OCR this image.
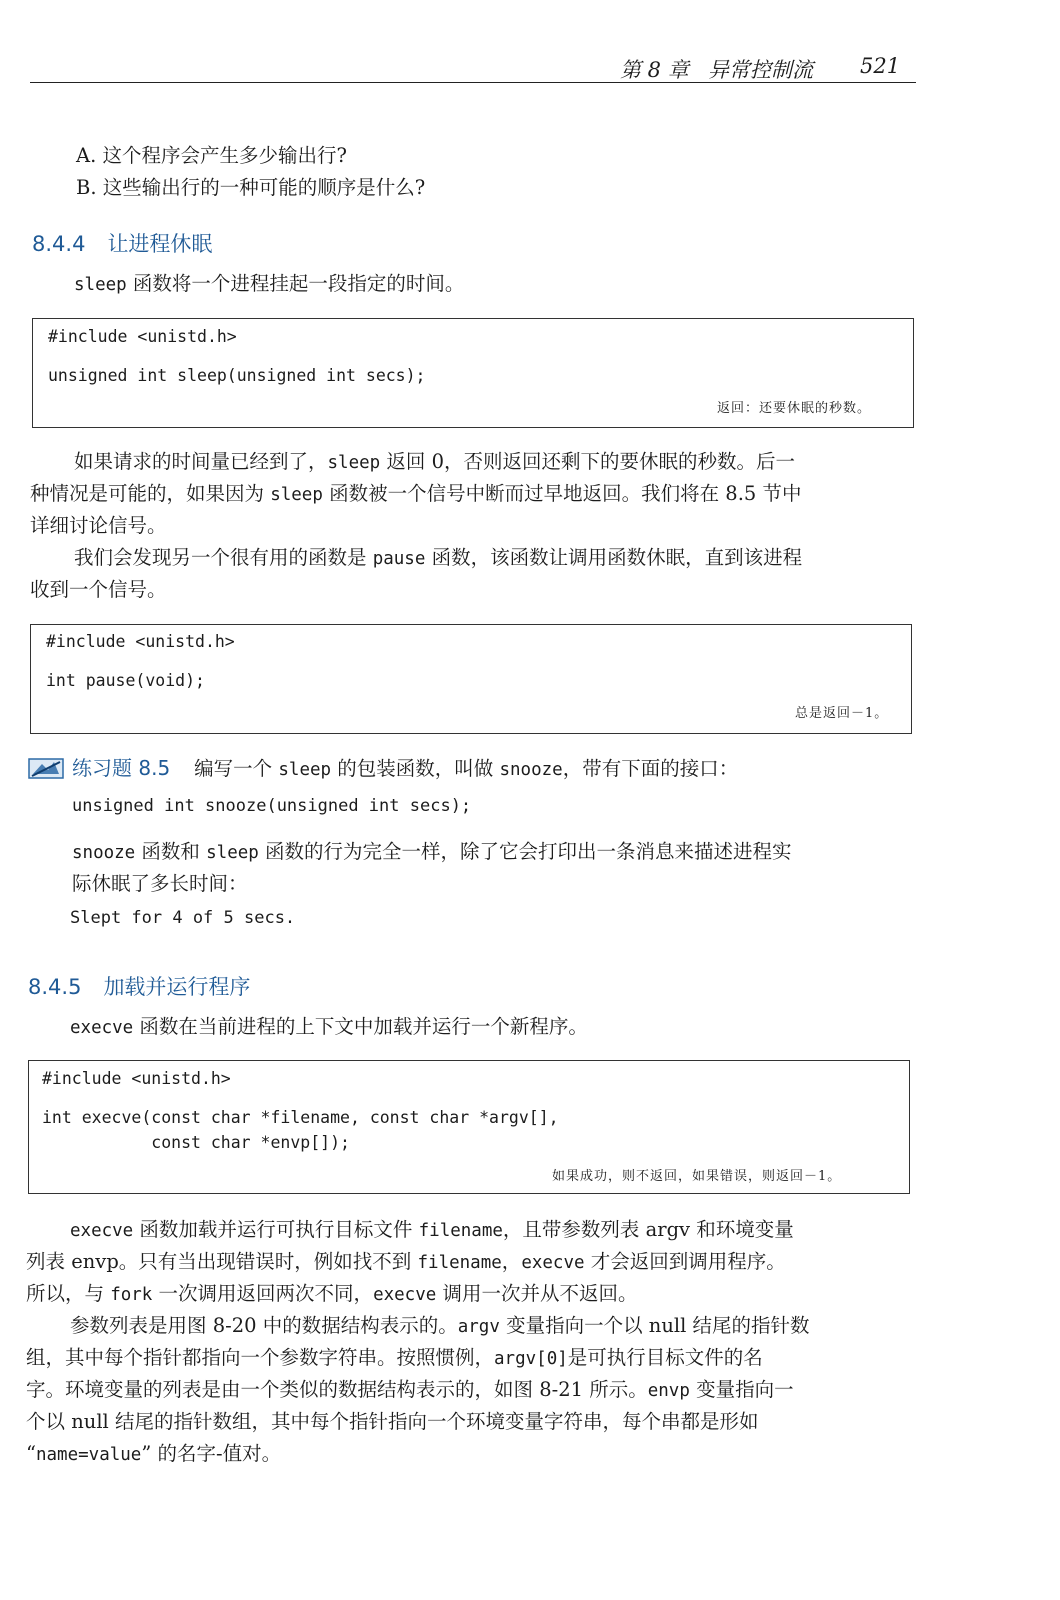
第 8 章 异常控制流 521
A. 这个程序会产生多少输出行?
B. 这些输出行的一种可能的顺序是什么?
8.4.4 让进程休眠
sleep 函数将一个进程挂起一段指定的时间。
#include <unistd.h>
unsigned int sleep(unsigned int secs);
返回：还要休眠的秒数。
如果请求的时间量已经到了，sleep 返回 0，否则返回还剩下的要休眠的秒数。后一
种情况是可能的，如果因为 sleep 函数被一个信号中断而过早地返回。我们将在 8.5 节中
详细讨论信号。
我们会发现另一个很有用的函数是 pause 函数，该函数让调用函数休眠，直到该进程
收到一个信号。
#include <unistd.h>
int pause(void);
总是返回－1。
练习题 8.5 编写一个 sleep 的包装函数，叫做 snooze，带有下面的接口：
unsigned int snooze(unsigned int secs);
snooze 函数和 sleep 函数的行为完全一样，除了它会打印出一条消息来描述进程实
际休眠了多长时间：
Slept for 4 of 5 secs.
8.4.5 加载并运行程序
execve 函数在当前进程的上下文中加载并运行一个新程序。
#include <unistd.h>
int execve(const char *filename, const char *argv[],
const char *envp[]);
如果成功，则不返回，如果错误，则返回－1。
execve 函数加载并运行可执行目标文件 filename，且带参数列表 argv 和环境变量
列表 envp。只有当出现错误时，例如找不到 filename，execve 才会返回到调用程序。
所以，与 fork 一次调用返回两次不同，execve 调用一次并从不返回。
参数列表是用图 8-20 中的数据结构表示的。argv 变量指向一个以 null 结尾的指针数
组，其中每个指针都指向一个参数字符串。按照惯例，argv[0]是可执行目标文件的名
字。环境变量的列表是由一个类似的数据结构表示的，如图 8-21 所示。envp 变量指向一
个以 null 结尾的指针数组，其中每个指针指向一个环境变量字符串，每个串都是形如
“name=value” 的名字-值对。
